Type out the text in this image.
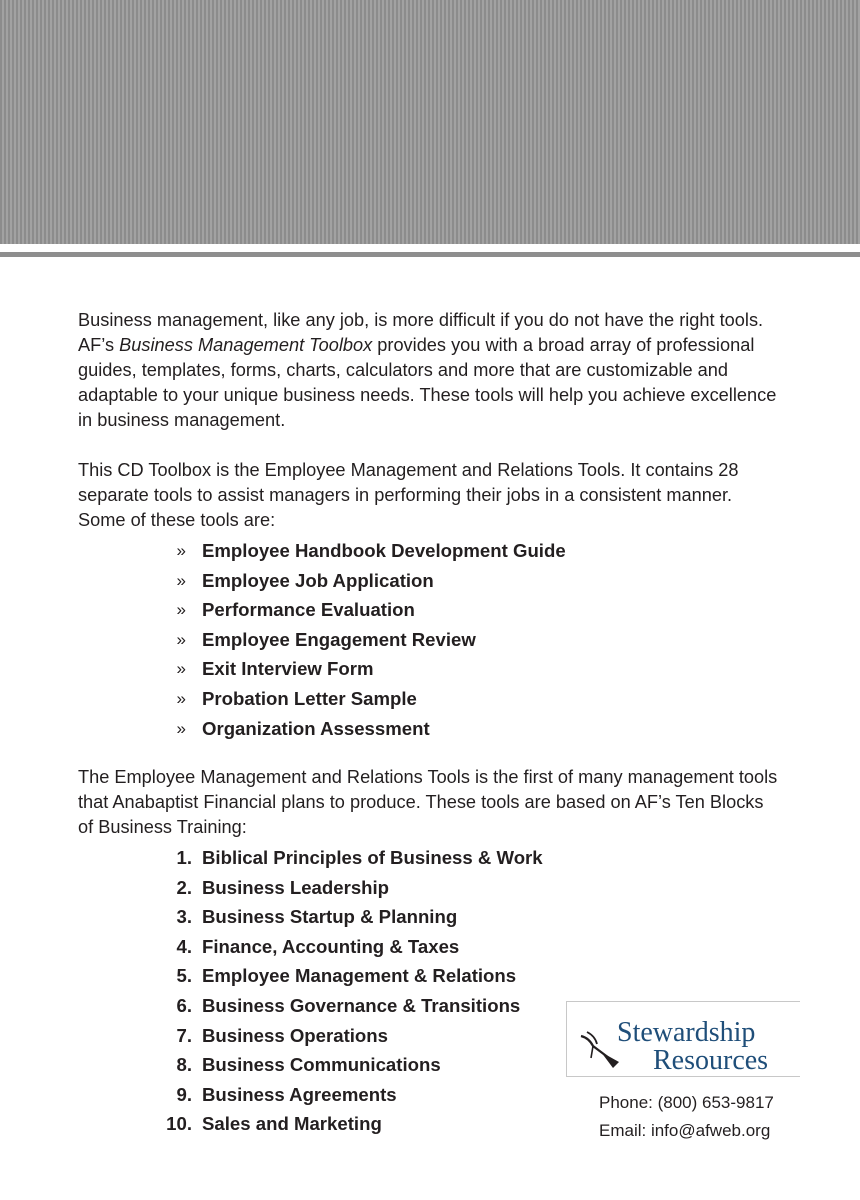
Business management, like any job, is more difficult if you do not have the right tools. AF’s Business Management Toolbox provides you with a broad array of professional guides, templates, forms, charts, calculators and more that are customizable and adaptable to your unique business needs. These tools will help you achieve excellence in business management.

This CD Toolbox is the Employee Management and Relations Tools. It contains 28 separate tools to assist managers in performing their jobs in a consistent manner. Some of these tools are:

» Employee Handbook Development Guide
» Employee Job Application
» Performance Evaluation
» Employee Engagement Review
» Exit Interview Form
» Probation Letter Sample
» Organization Assessment

The Employee Management and Relations Tools is the first of many management tools that Anabaptist Financial plans to produce. These tools are based on AF’s Ten Blocks of Business Training:

1. Biblical Principles of Business & Work
2. Business Leadership
3. Business Startup & Planning
4. Finance, Accounting & Taxes
5. Employee Management & Relations
6. Business Governance & Transitions
7. Business Operations
8. Business Communications
9. Business Agreements
10. Sales and Marketing
Stewardship
Resources
Phone: (800) 653-9817
Email: info@afweb.org
